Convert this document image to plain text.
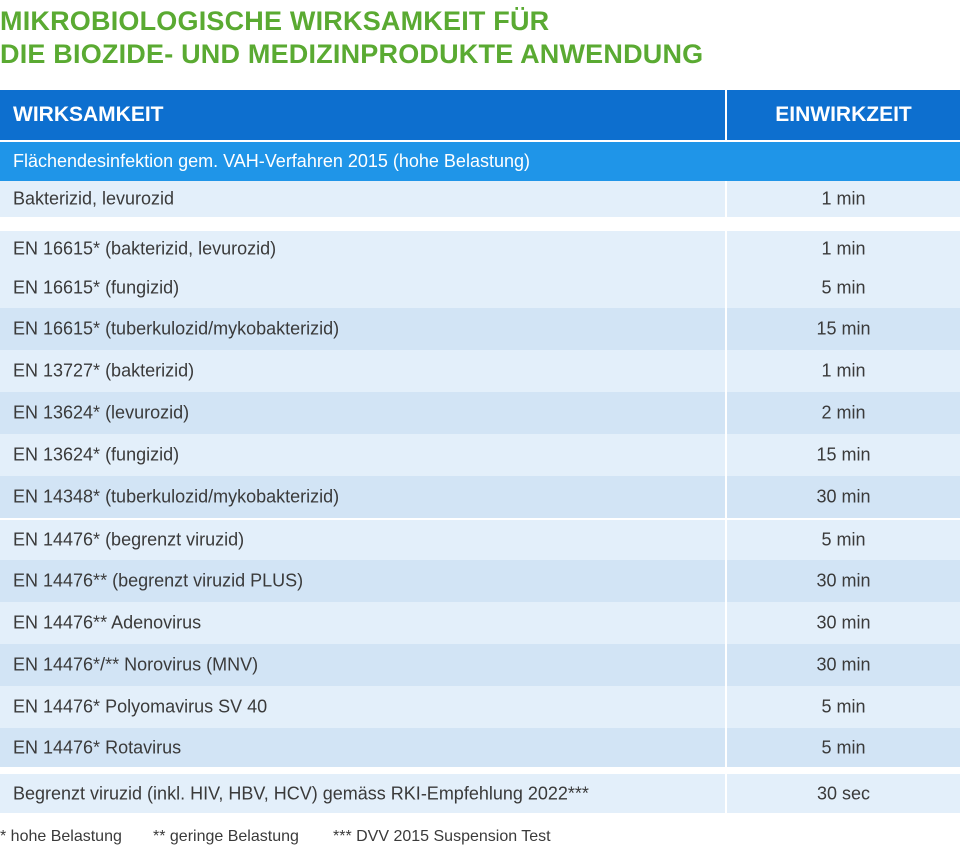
MIKROBIOLOGISCHE WIRKSAMKEIT FÜR
DIE BIOZIDE- UND MEDIZINPRODUKTE ANWENDUNG
WIRKSAMKEIT	EINWIRKZEIT
Flächendesinfektion gem. VAH-Verfahren 2015 (hohe Belastung)
Bakterizid, levurozid	1 min
EN 16615* (bakterizid, levurozid)	1 min
EN 16615* (fungizid)	5 min
EN 16615* (tuberkulozid/mykobakterizid)	15 min
EN 13727* (bakterizid)	1 min
EN 13624* (levurozid)	2 min
EN 13624* (fungizid)	15 min
EN 14348* (tuberkulozid/mykobakterizid)	30 min
EN 14476* (begrenzt viruzid)	5 min
EN 14476** (begrenzt viruzid PLUS)	30 min
EN 14476** Adenovirus	30 min
EN 14476*/** Norovirus (MNV)	30 min
EN 14476* Polyomavirus SV 40	5 min
EN 14476* Rotavirus	5 min
Begrenzt viruzid (inkl. HIV, HBV, HCV) gemäss RKI-Empfehlung 2022***	30 sec
* hohe Belastung ** geringe Belastung *** DVV 2015 Suspension Test
